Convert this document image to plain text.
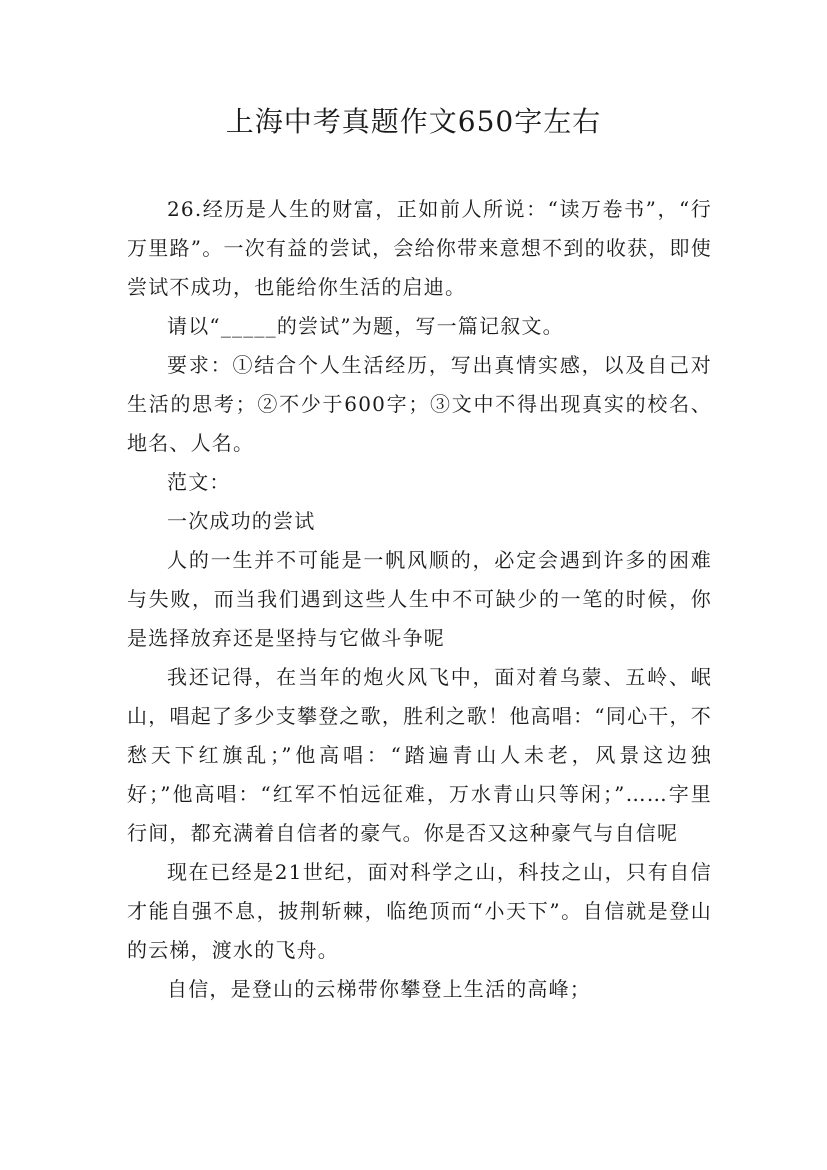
上海中考真题作文650字左右

26.经历是人生的财富，正如前人所说：“读万卷书”，“行万里路”。一次有益的尝试，会给你带来意想不到的收获，即使尝试不成功，也能给你生活的启迪。

请以“_____的尝试”为题，写一篇记叙文。

要求：①结合个人生活经历，写出真情实感，以及自己对生活的思考；②不少于600字；③文中不得出现真实的校名、地名、人名。

范文：

一次成功的尝试

人的一生并不可能是一帆风顺的，必定会遇到许多的困难与失败，而当我们遇到这些人生中不可缺少的一笔的时候，你是选择放弃还是坚持与它做斗争呢

我还记得，在当年的炮火风飞中，面对着乌蒙、五岭、岷山，唱起了多少支攀登之歌，胜利之歌！他高唱：“同心干，不愁天下红旗乱；”他高唱：“踏遍青山人未老，风景这边独好；”他高唱：“红军不怕远征难，万水青山只等闲；”……字里行间，都充满着自信者的豪气。你是否又这种豪气与自信呢

现在已经是21世纪，面对科学之山，科技之山，只有自信才能自强不息，披荆斩棘，临绝顶而“小天下”。自信就是登山的云梯，渡水的飞舟。

自信，是登山的云梯带你攀登上生活的高峰；
